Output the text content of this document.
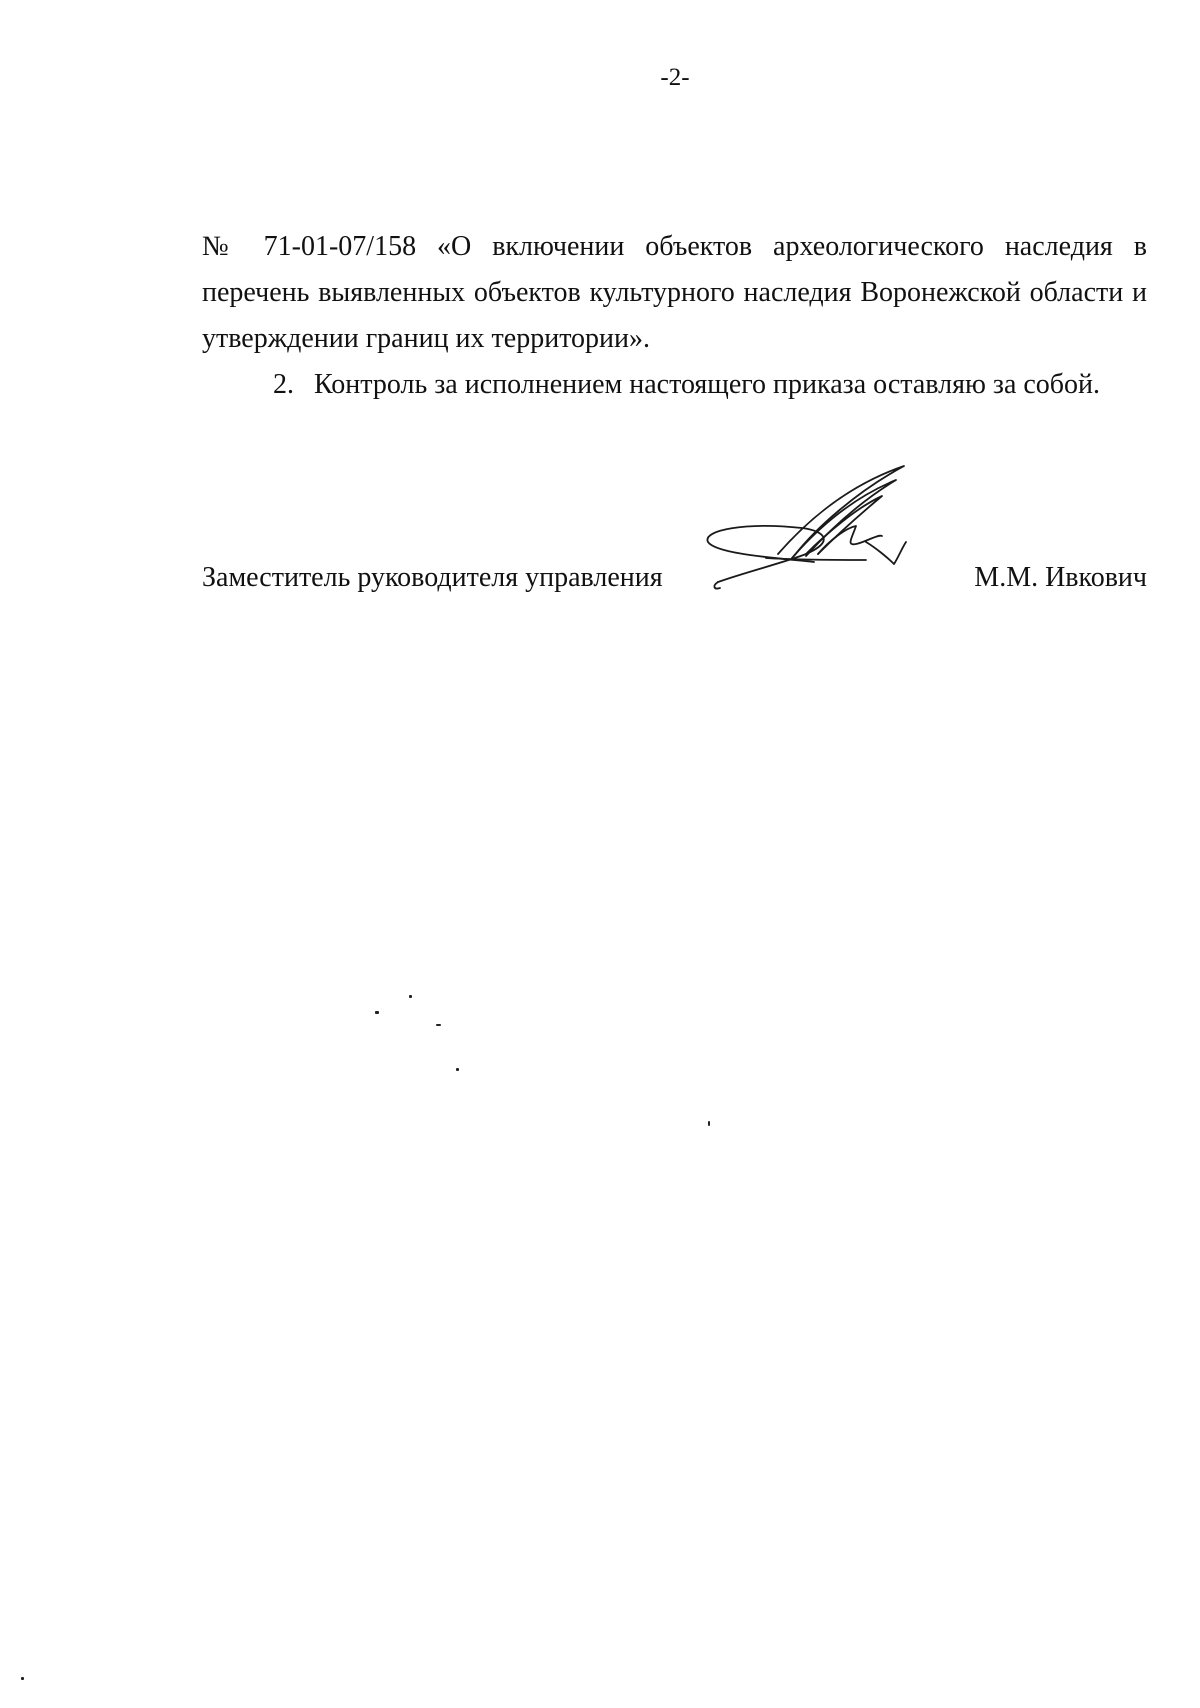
-2-

№ 71-01-07/158 «О включении объектов археологического наследия в

перечень выявленных объектов культурного наследия Воронежской области и утверждении границ их территории».

2. Контроль за исполнением настоящего приказа оставляю за собой.

Заместитель руководителя управления	М.М. Ивкович
